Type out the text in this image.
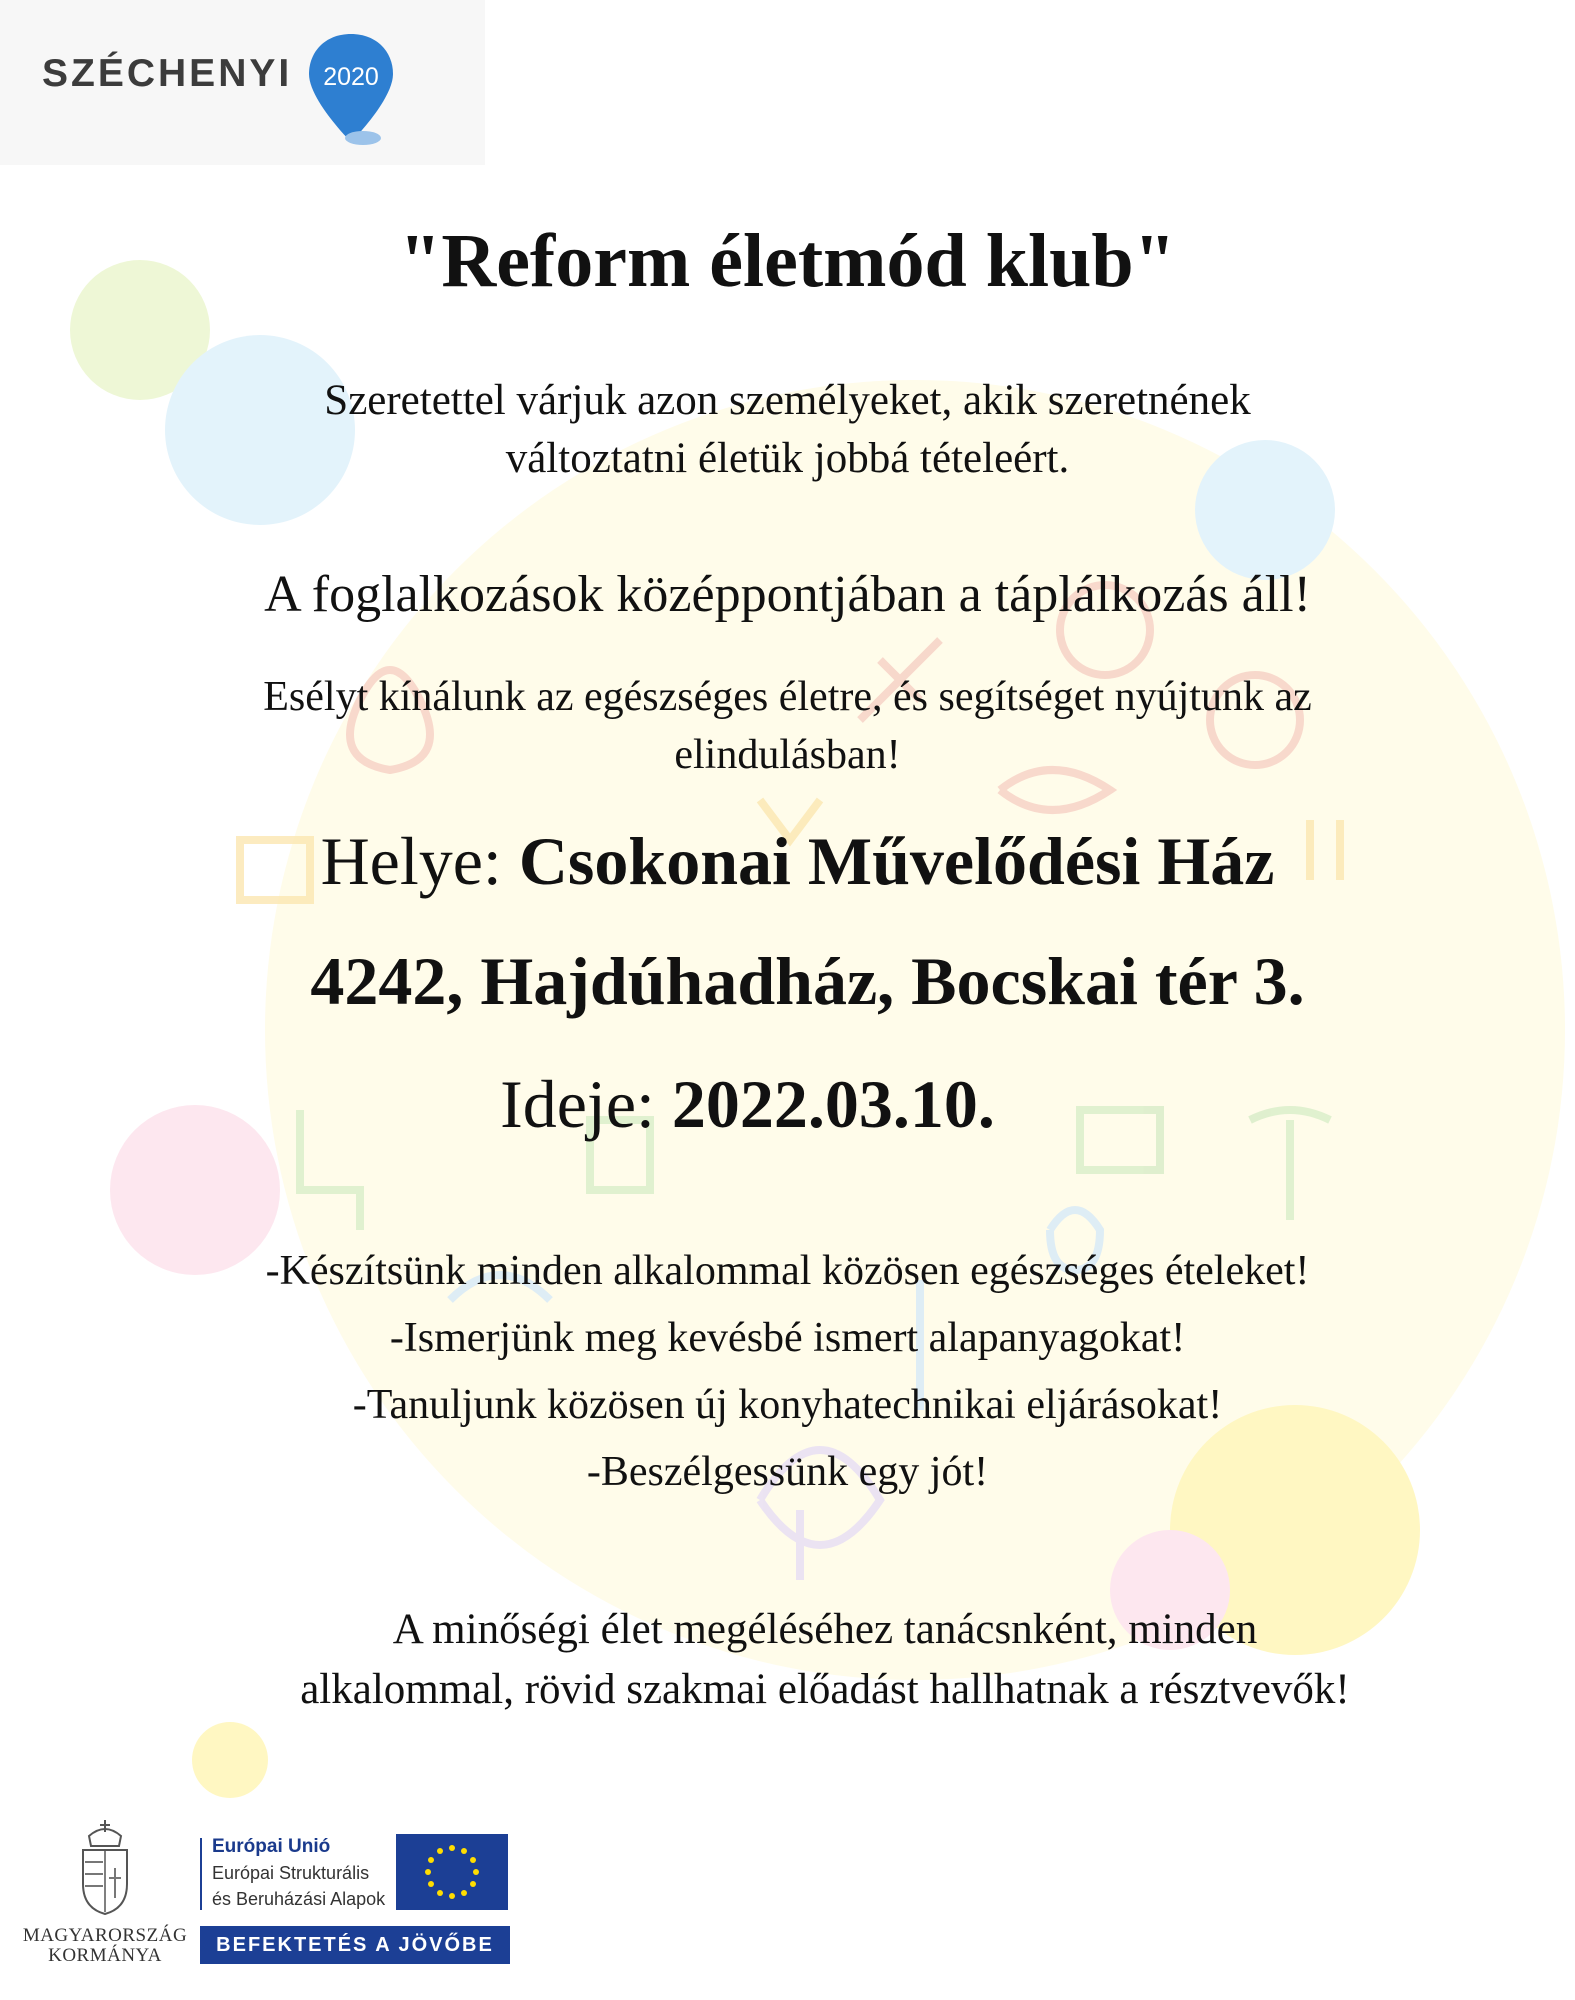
SZÉCHENYI 2020
"Reform életmód klub"
Szeretettel várjuk azon személyeket, akik szeretnének
változtatni életük jobbá tételeért.
A foglalkozások középpontjában a táplálkozás áll!
Esélyt kínálunk az egészséges életre, és segítséget nyújtunk az
elindulásban!
Helye: Csokonai Művelődési Ház
4242, Hajdúhadház, Bocskai tér 3.
Ideje: 2022.03.10.
-Készítsünk minden alkalommal közösen egészséges ételeket!
-Ismerjünk meg kevésbé ismert alapanyagokat!
-Tanuljunk közösen új konyhatechnikai eljárásokat!
-Beszélgessünk egy jót!
A minőségi élet megéléséhez tanácsnként, minden
alkalommal, rövid szakmai előadást hallhatnak a résztvevők!
MAGYARORSZÁG
KORMÁNYA
Európai Unió
Európai Strukturális
és Beruházási Alapok
BEFEKTETÉS A JÖVŐBE
